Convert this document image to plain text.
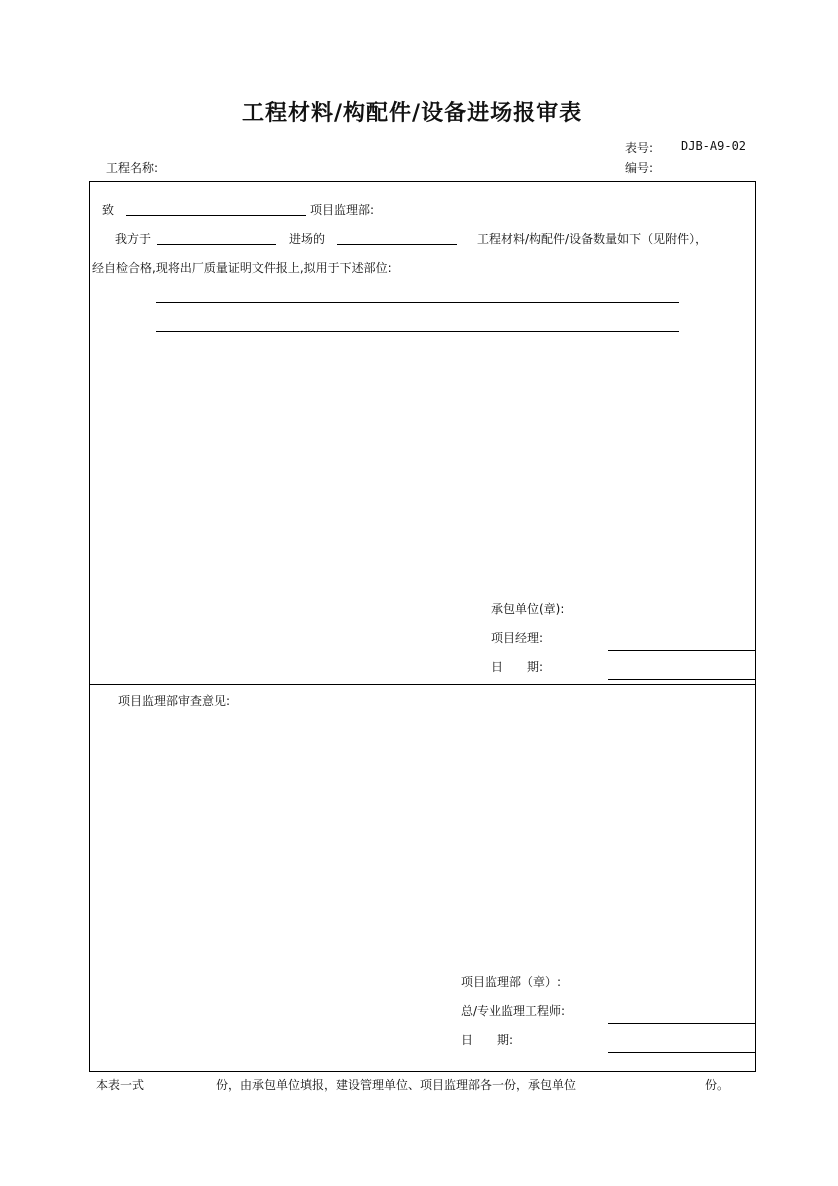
工程材料/构配件/设备进场报审表
表号: DJB-A9-02
工程名称:	编号:
致	项目监理部:
我方于	进场的	工程材料/构配件/设备数量如下（见附件），
经自检合格,现将出厂质量证明文件报上,拟用于下述部位:
承包单位(章):
项目经理:
日　　期:
项目监理部审查意见:
项目监理部（章）:
总/专业监理工程师:
日　　期:
本表一式	份，由承包单位填报，建设管理单位、项目监理部各一份，承包单位	份。
